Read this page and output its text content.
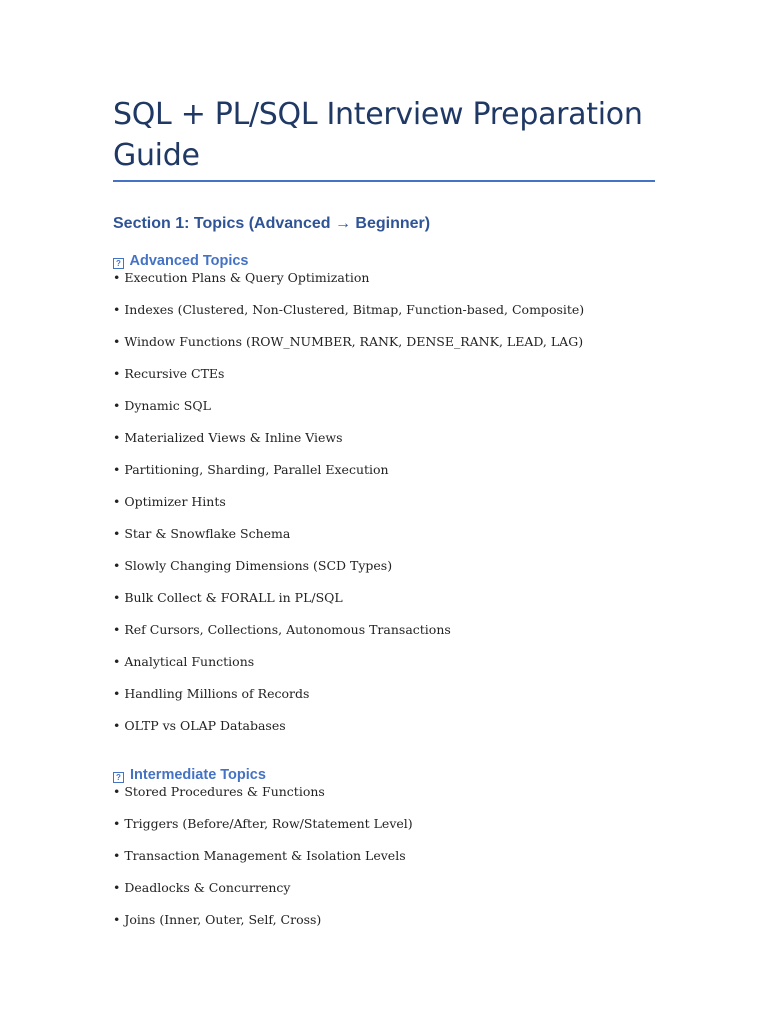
SQL + PL/SQL Interview Preparation Guide
Section 1: Topics (Advanced → Beginner)
? Advanced Topics
• Execution Plans & Query Optimization
• Indexes (Clustered, Non-Clustered, Bitmap, Function-based, Composite)
• Window Functions (ROW_NUMBER, RANK, DENSE_RANK, LEAD, LAG)
• Recursive CTEs
• Dynamic SQL
• Materialized Views & Inline Views
• Partitioning, Sharding, Parallel Execution
• Optimizer Hints
• Star & Snowflake Schema
• Slowly Changing Dimensions (SCD Types)
• Bulk Collect & FORALL in PL/SQL
• Ref Cursors, Collections, Autonomous Transactions
• Analytical Functions
• Handling Millions of Records
• OLTP vs OLAP Databases
? Intermediate Topics
• Stored Procedures & Functions
• Triggers (Before/After, Row/Statement Level)
• Transaction Management & Isolation Levels
• Deadlocks & Concurrency
• Joins (Inner, Outer, Self, Cross)
